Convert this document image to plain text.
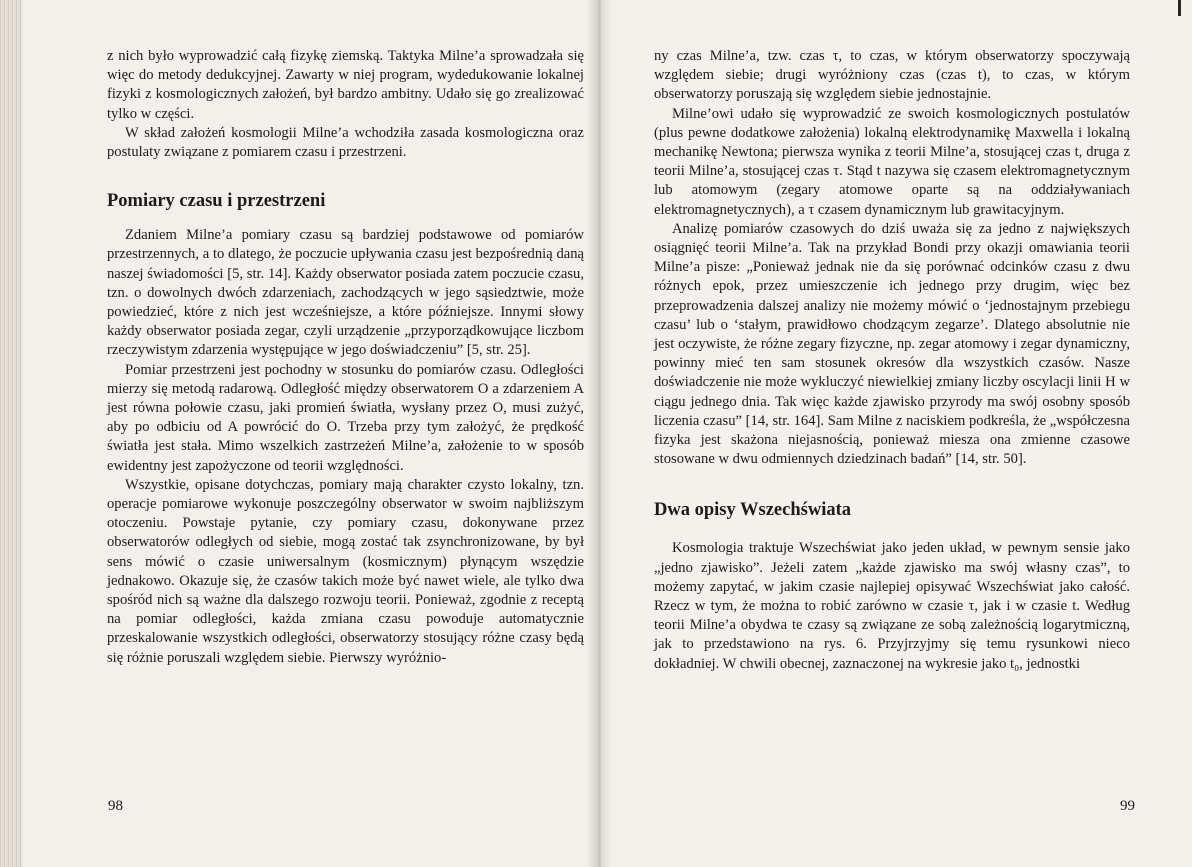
z nich było wyprowadzić całą fizykę ziemską. Taktyka Milne’a sprowadzała się więc do metody dedukcyjnej. Zawarty w niej program, wydedukowanie lokalnej fizyki z kosmologicznych założeń, był bardzo ambitny. Udało się go zrealizować tylko w części.

W skład założeń kosmologii Milne’a wchodziła zasada kosmologiczna oraz postulaty związane z pomiarem czasu i przestrzeni.

Pomiary czasu i przestrzeni

Zdaniem Milne’a pomiary czasu są bardziej podstawowe od pomiarów przestrzennych, a to dlatego, że poczucie upływania czasu jest bezpośrednią daną naszej świadomości [5, str. 14]. Każdy obserwator posiada zatem poczucie czasu, tzn. o dowolnych dwóch zdarzeniach, zachodzących w jego sąsiedztwie, może powiedzieć, które z nich jest wcześniejsze, a które późniejsze. Innymi słowy każdy obserwator posiada zegar, czyli urządzenie „przyporządkowujące liczbom rzeczywistym zdarzenia występujące w jego doświadczeniu” [5, str. 25].

Pomiar przestrzeni jest pochodny w stosunku do pomiarów czasu. Odległości mierzy się metodą radarową. Odległość między obserwatorem O a zdarzeniem A jest równa połowie czasu, jaki promień światła, wysłany przez O, musi zużyć, aby po odbiciu od A powrócić do O. Trzeba przy tym założyć, że prędkość światła jest stała. Mimo wszelkich zastrzeżeń Milne’a, założenie to w sposób ewidentny jest zapożyczone od teorii względności.

Wszystkie, opisane dotychczas, pomiary mają charakter czysto lokalny, tzn. operacje pomiarowe wykonuje poszczególny obserwator w swoim najbliższym otoczeniu. Powstaje pytanie, czy pomiary czasu, dokonywane przez obserwatorów odległych od siebie, mogą zostać tak zsynchronizowane, by był sens mówić o czasie uniwersalnym (kosmicznym) płynącym wszędzie jednakowo. Okazuje się, że czasów takich może być nawet wiele, ale tylko dwa spośród nich są ważne dla dalszego rozwoju teorii. Ponieważ, zgodnie z receptą na pomiar odległości, każda zmiana czasu powoduje automatycznie przeskalowanie wszystkich odległości, obserwatorzy stosujący różne czasy będą się różnie poruszali względem siebie. Pierwszy wyróżnio-

98

ny czas Milne’a, tzw. czas τ, to czas, w którym obserwatorzy spoczywają względem siebie; drugi wyróżniony czas (czas t), to czas, w którym obserwatorzy poruszają się względem siebie jednostajnie.

Milne’owi udało się wyprowadzić ze swoich kosmologicznych postulatów (plus pewne dodatkowe założenia) lokalną elektrodynamikę Maxwella i lokalną mechanikę Newtona; pierwsza wynika z teorii Milne’a, stosującej czas t, druga z teorii Milne’a, stosującej czas τ. Stąd t nazywa się czasem elektromagnetycznym lub atomowym (zegary atomowe oparte są na oddziaływaniach elektromagnetycznych), a τ czasem dynamicznym lub grawitacyjnym.

Analizę pomiarów czasowych do dziś uważa się za jedno z największych osiągnięć teorii Milne’a. Tak na przykład Bondi przy okazji omawiania teorii Milne’a pisze: „Ponieważ jednak nie da się porównać odcinków czasu z dwu różnych epok, przez umieszczenie ich jednego przy drugim, więc bez przeprowadzenia dalszej analizy nie możemy mówić o ‘jednostajnym przebiegu czasu’ lub o ‘stałym, prawidłowo chodzącym zegarze’. Dlatego absolutnie nie jest oczywiste, że różne zegary fizyczne, np. zegar atomowy i zegar dynamiczny, powinny mieć ten sam stosunek okresów dla wszystkich czasów. Nasze doświadczenie nie może wykluczyć niewielkiej zmiany liczby oscylacji linii H w ciągu jednego dnia. Tak więc każde zjawisko przyrody ma swój osobny sposób liczenia czasu” [14, str. 164]. Sam Milne z naciskiem podkreśla, że „współczesna fizyka jest skażona niejasnością, ponieważ miesza ona zmienne czasowe stosowane w dwu odmiennych dziedzinach badań” [14, str. 50].

Dwa opisy Wszechświata

Kosmologia traktuje Wszechświat jako jeden układ, w pewnym sensie jako „jedno zjawisko”. Jeżeli zatem „każde zjawisko ma swój własny czas”, to możemy zapytać, w jakim czasie najlepiej opisywać Wszechświat jako całość. Rzecz w tym, że można to robić zarówno w czasie τ, jak i w czasie t. Według teorii Milne’a obydwa te czasy są związane ze sobą zależnością logarytmiczną, jak to przedstawiono na rys. 6. Przyjrzyjmy się temu rysunkowi nieco dokładniej. W chwili obecnej, zaznaczonej na wykresie jako t₀, jednostki

99
